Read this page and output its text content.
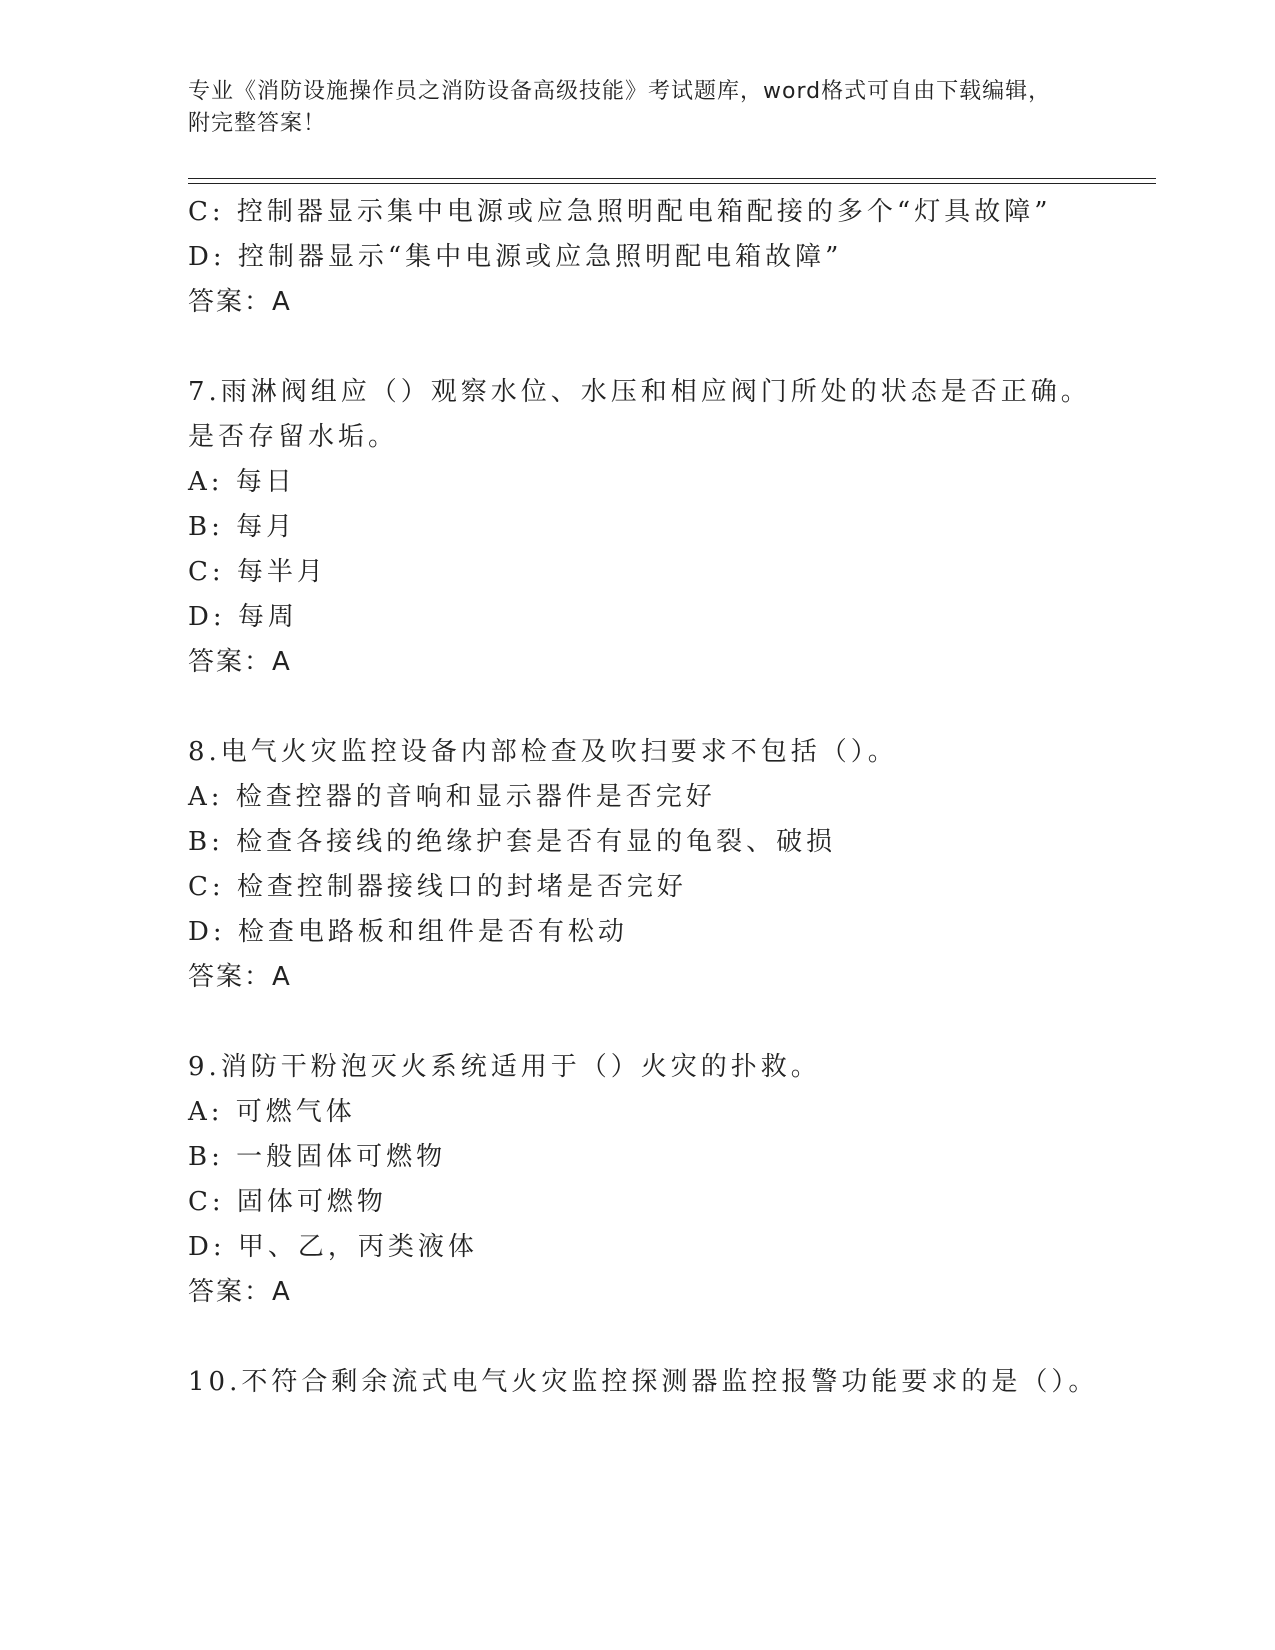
专业《消防设施操作员之消防设备高级技能》考试题库，word格式可自由下载编辑，附完整答案！
C: 控制器显示集中电源或应急照明配电箱配接的多个“灯具故障”
D: 控制器显示“集中电源或应急照明配电箱故障”
答案：A
7.雨淋阀组应（）观察水位、水压和相应阀门所处的状态是否正确。
是否存留水垢。
A: 每日
B: 每月
C: 每半月
D: 每周
答案：A
8.电气火灾监控设备内部检查及吹扫要求不包括（）。
A: 检查控器的音响和显示器件是否完好
B: 检查各接线的绝缘护套是否有显的龟裂、破损
C: 检查控制器接线口的封堵是否完好
D: 检查电路板和组件是否有松动
答案：A
9.消防干粉泡灭火系统适用于（）火灾的扑救。
A: 可燃气体
B: 一般固体可燃物
C: 固体可燃物
D: 甲、乙，丙类液体
答案：A
10.不符合剩余流式电气火灾监控探测器监控报警功能要求的是（）。
